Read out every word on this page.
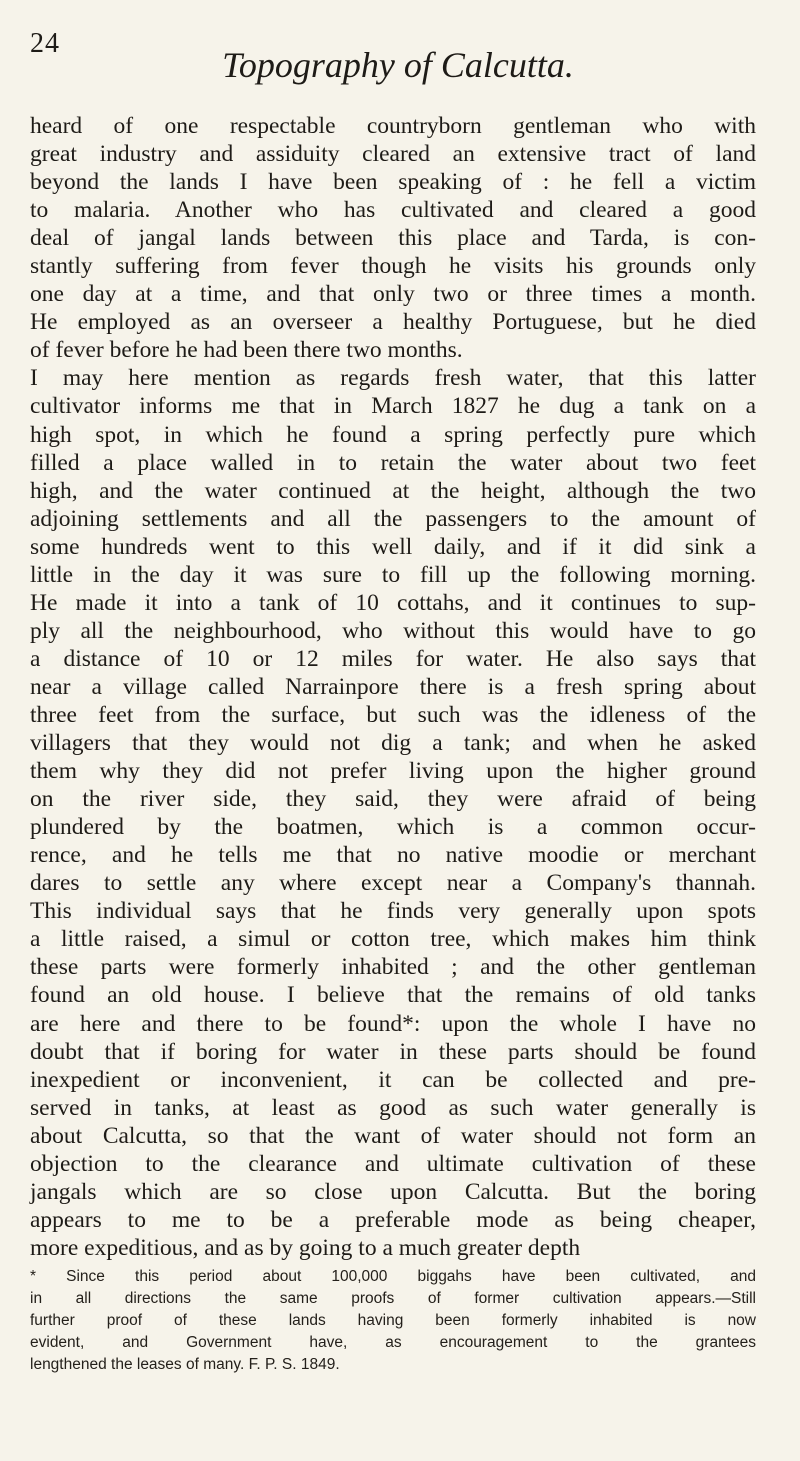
24
Topography of Calcutta.
heard of one respectable countryborn gentleman who with
great industry and assiduity cleared an extensive tract of land
beyond the lands I have been speaking of : he fell a victim
to malaria. Another who has cultivated and cleared a good
deal of jangal lands between this place and Tarda, is con-
stantly suffering from fever though he visits his grounds only
one day at a time, and that only two or three times a month.
He employed as an overseer a healthy Portuguese, but he died
of fever before he had been there two months.
I may here mention as regards fresh water, that this latter
cultivator informs me that in March 1827 he dug a tank on a
high spot, in which he found a spring perfectly pure which
filled a place walled in to retain the water about two feet
high, and the water continued at the height, although the two
adjoining settlements and all the passengers to the amount of
some hundreds went to this well daily, and if it did sink a
little in the day it was sure to fill up the following morning.
He made it into a tank of 10 cottahs, and it continues to sup-
ply all the neighbourhood, who without this would have to go
a distance of 10 or 12 miles for water. He also says that
near a village called Narrainpore there is a fresh spring about
three feet from the surface, but such was the idleness of the
villagers that they would not dig a tank; and when he asked
them why they did not prefer living upon the higher ground
on the river side, they said, they were afraid of being
plundered by the boatmen, which is a common occur-
rence, and he tells me that no native moodie or merchant
dares to settle any where except near a Company's thannah.
This individual says that he finds very generally upon spots
a little raised, a simul or cotton tree, which makes him think
these parts were formerly inhabited ; and the other gentleman
found an old house. I believe that the remains of old tanks
are here and there to be found*: upon the whole I have no
doubt that if boring for water in these parts should be found
inexpedient or inconvenient, it can be collected and pre-
served in tanks, at least as good as such water generally is
about Calcutta, so that the want of water should not form an
objection to the clearance and ultimate cultivation of these
jangals which are so close upon Calcutta. But the boring
appears to me to be a preferable mode as being cheaper,
more expeditious, and as by going to a much greater depth
* Since this period about 100,000 biggahs have been cultivated, and
in all directions the same proofs of former cultivation appears.—Still
further proof of these lands having been formerly inhabited is now
evident, and Government have, as encouragement to the grantees
lengthened the leases of many. F. P. S. 1849.
